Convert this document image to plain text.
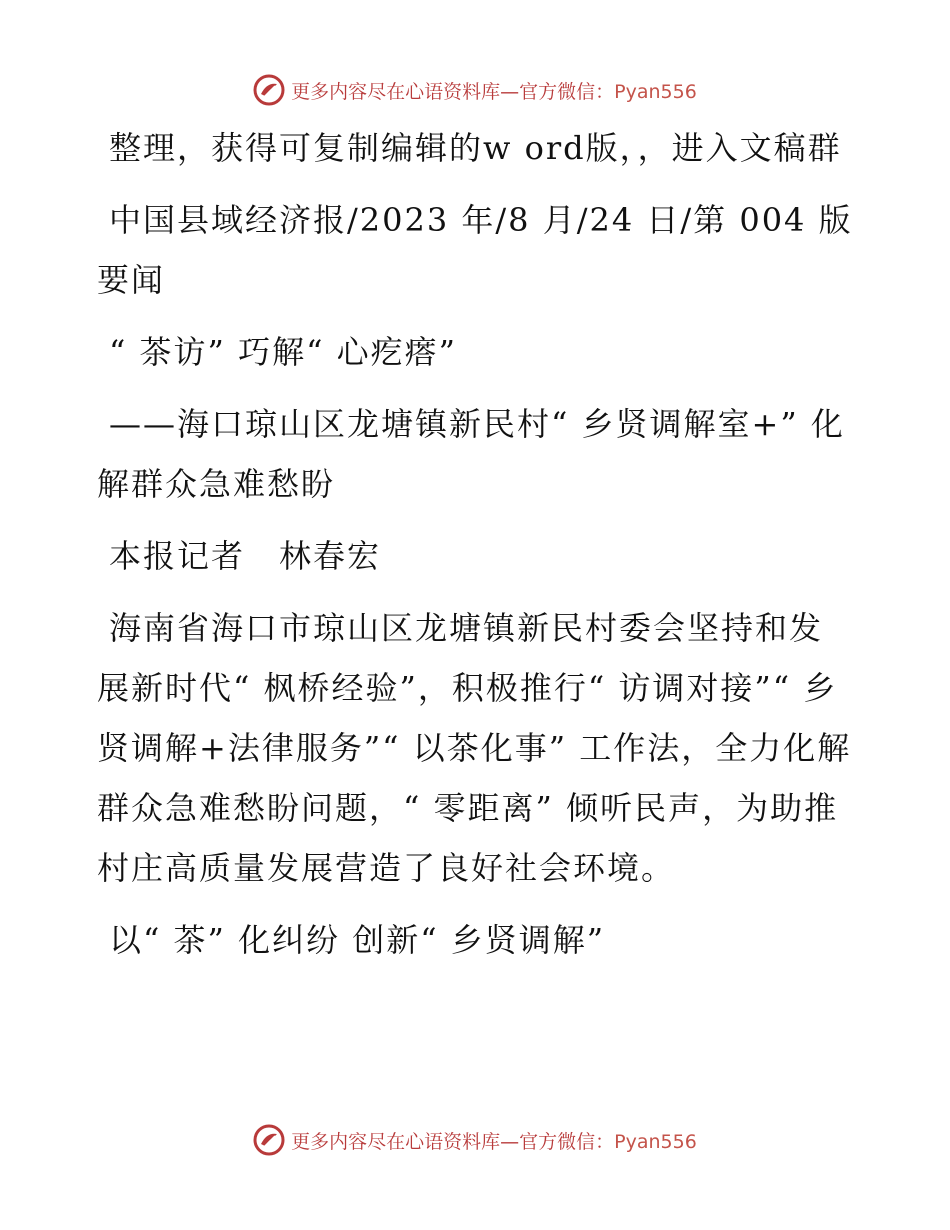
更多内容尽在心语资料库—官方微信：Pyan556

整理，获得可复制编辑的w ord版，，进入文稿群

中国县域经济报/2023 年/8 月/24 日/第 004 版要闻

“ 茶访” 巧解“ 心疙瘩”

——海口琼山区龙塘镇新民村“ 乡贤调解室+” 化解群众急难愁盼

本报记者　林春宏

海南省海口市琼山区龙塘镇新民村委会坚持和发展新时代“ 枫桥经验”，积极推行“ 访调对接”“ 乡贤调解+法律服务”“ 以茶化事” 工作法，全力化解群众急难愁盼问题，“ 零距离” 倾听民声，为助推村庄高质量发展营造了良好社会环境。

以“ 茶” 化纠纷 创新“ 乡贤调解”

更多内容尽在心语资料库—官方微信：Pyan556
